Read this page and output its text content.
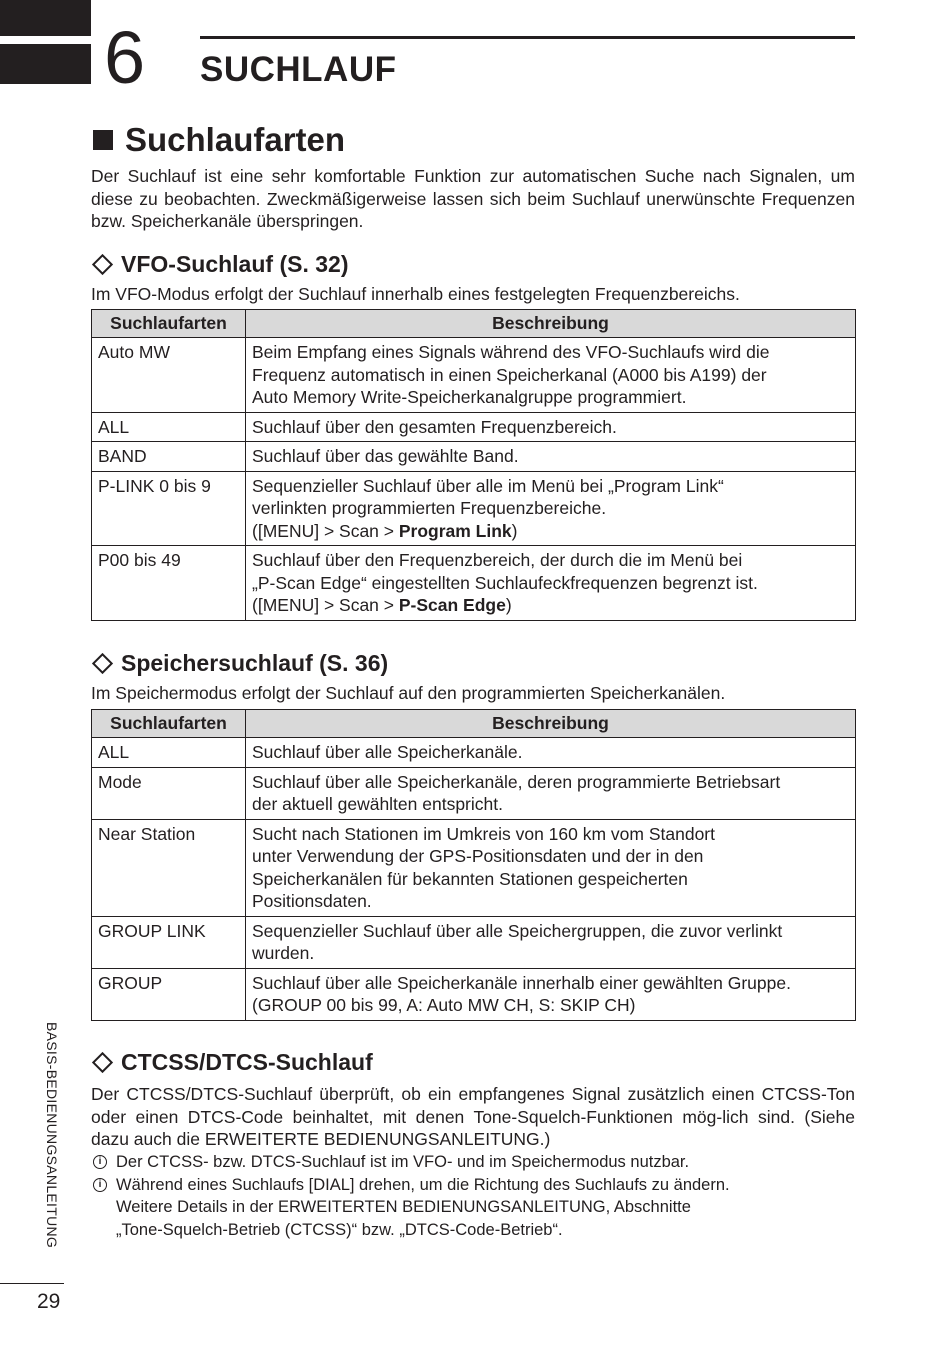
6 SUCHLAUF
Suchlaufarten

Der Suchlauf ist eine sehr komfortable Funktion zur automatischen Suche nach Signalen, um diese zu beobachten. Zweckmäßigerweise lassen sich beim Suchlauf unerwünschte Frequenzen bzw. Speicherkanäle überspringen.

VFO-Suchlauf (S. 32)
Im VFO-Modus erfolgt der Suchlauf innerhalb eines festgelegten Frequenzbereichs.
Suchlaufarten	Beschreibung
Auto MW	Beim Empfang eines Signals während des VFO-Suchlaufs wird die
Frequenz automatisch in einen Speicherkanal (A000 bis A199) der
Auto Memory Write-Speicherkanalgruppe programmiert.

ALL	Suchlauf über den gesamten Frequenzbereich.

BAND	Suchlauf über das gewählte Band.

P-LINK 0 bis 9	Sequenzieller Suchlauf über alle im Menü bei „Program Link“
verlinkten programmierten Frequenzbereiche.
([MENU] > Scan > Program Link)

P00 bis 49	Suchlauf über den Frequenzbereich, der durch die im Menü bei
„P-Scan Edge“ eingestellten Suchlaufeckfrequenzen begrenzt ist.
([MENU] > Scan > P-Scan Edge)
Speichersuchlauf (S. 36)
Im Speichermodus erfolgt der Suchlauf auf den programmierten Speicherkanälen.
Suchlaufarten	Beschreibung
ALL	Suchlauf über alle Speicherkanäle.

Mode	Suchlauf über alle Speicherkanäle, deren programmierte Betriebsart
der aktuell gewählten entspricht.

Near Station	Sucht nach Stationen im Umkreis von 160 km vom Standort
unter Verwendung der GPS-Positionsdaten und der in den
Speicherkanälen für bekannten Stationen gespeicherten
Positionsdaten.

GROUP LINK	Sequenzieller Suchlauf über alle Speichergruppen, die zuvor verlinkt
wurden.

GROUP	Suchlauf über alle Speicherkanäle innerhalb einer gewählten Gruppe.
(GROUP 00 bis 99, A: Auto MW CH, S: SKIP CH)
CTCSS/DTCS-Suchlauf

Der CTCSS/DTCS-Suchlauf überprüft, ob ein empfangenes Signal zusätzlich einen CTCSS-Ton oder einen DTCS-Code beinhaltet, mit denen Tone-Squelch-Funktionen mög-lich sind. (Siehe dazu auch die ERWEITERTE BEDIENUNGSANLEITUNG.)

i Der CTCSS- bzw. DTCS-Suchlauf ist im VFO- und im Speichermodus nutzbar.
i Während eines Suchlaufs [DIAL] drehen, um die Richtung des Suchlaufs zu ändern.
Weitere Details in der ERWEITERTEN BEDIENUNGSANLEITUNG, Abschnitte
„Tone-Squelch-Betrieb (CTCSS)“ bzw. „DTCS-Code-Betrieb“.
BASIS-BEDIENUNGSANLEITUNG
29
